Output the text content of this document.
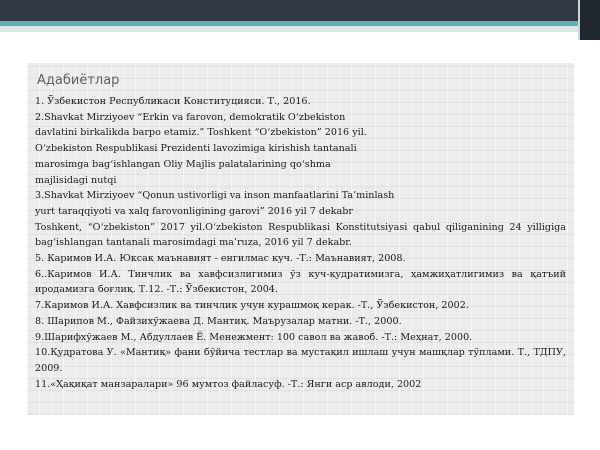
Адабиётлар
1. Ўзбекистон Республикаси Конституцияси. Т., 2016.
2.Shavkat Mirziyoev “Erkin va farovon, demokratik O‘zbekiston
davlatini birkalikda barpo etamiz.” Toshkent “O‘zbekiston” 2016 yil.
O‘zbekiston Respublikasi Prezidenti lavozimiga kirishish tantanali
marosimga bag‘ishlangan Oliy Majlis palatalarining qo‘shma
majlisidagi nutqi
3.Shavkat Mirziyoev “Qonun ustivorligi va inson manfaatlarini Ta’minlash
yurt taraqqiyoti va xalq farovonligining garovi” 2016 yil 7 dekabr
Toshkent, “O‘zbekiston” 2017 yil.O‘zbekiston Respublikasi Konstitutsiyasi qabul qiliganining 24 yilligiga bag‘ishlangan tantanali marosimdagi ma’ruza, 2016 yil 7 dekabr.
5. Каримов И.А. Юксак маънавият - енгилмас куч. -Т.: Маънавият, 2008.
6..Каримов И.А. Тинчлик ва хавфсизлигимиз ўз куч-қудратимизга, ҳамжиҳатлигимиз ва қатъий иродамизга боғлиқ. Т.12. -Т.: Ўзбекистон, 2004.
7.Каримов И.А. Хавфсизлик ва тинчлик учун курашмоқ керак. -Т., Ўзбекистон, 2002.
8. Шарипов М., Файзихўжаева Д. Мантиқ. Маърузалар матни. -Т., 2000.
9.Шарифхўжаев М., Абдуллаев Ё. Менежмент: 100 савол ва жавоб. -Т.: Меҳнат, 2000.
10.Қудратова У. «Мантиқ» фани бўйича тестлар ва мустақил ишлаш учун машқлар тўплами. Т., ТДПУ, 2009.
11.«Ҳақиқат манзаралари» 96 мумтоз файласуф. -Т.: Янги аср авлоди, 2002
